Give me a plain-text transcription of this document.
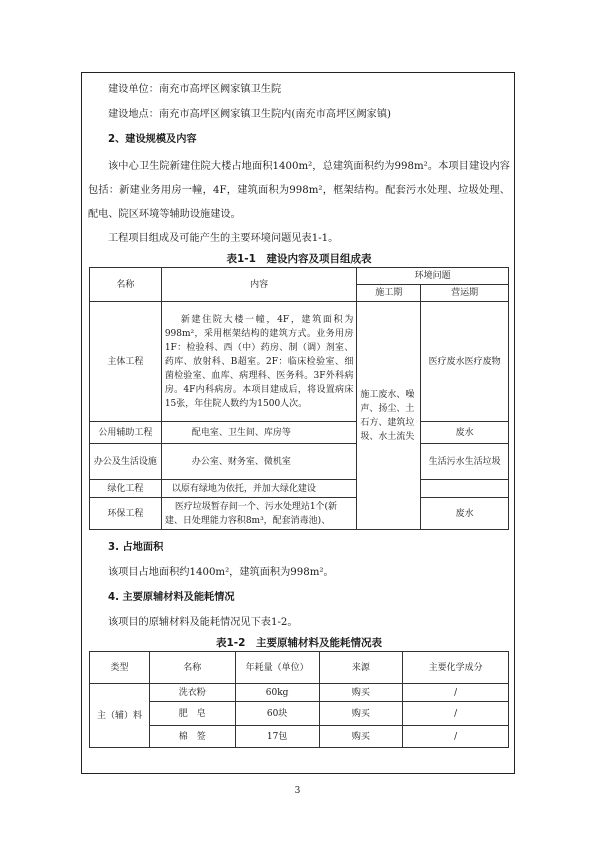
建设单位：南充市高坪区阙家镇卫生院

建设地点：南充市高坪区阙家镇卫生院内(南充市高坪区阙家镇)

2、建设规模及内容

该中心卫生院新建住院大楼占地面积1400m²，总建筑面积约为998m²。本项目建设内容包括：新建业务用房一幢，4F，建筑面积为998m²，框架结构。配套污水处理、垃圾处理、配电、院区环境等辅助设施建设。

工程项目组成及可能产生的主要环境问题见表1-1。

表1-1　建设内容及项目组成表
名称	内容	环境问题	
		施工期	营运期
主体工程	新建住院大楼一幢，4F，建筑面积为998m²，采用框架结构的建筑方式。业务用房1F：检验科、西（中）药房、制（调）剂室、药库、放射科、B超室。2F：临床检验室、细菌检验室、血库、病理科、医务科。3F外科病房。4F内科病房。本项目建成后，将设置病床15张，年住院人数约为1500人次。	施工废水、噪声、扬尘、土石方、建筑垃圾、水土流失	医疗废水医疗废物
公用辅助工程	配电室、卫生间、库房等		废水
办公及生活设施	办公室、财务室、微机室		生活污水生活垃圾
绿化工程	以原有绿地为依托，并加大绿化建设		
环保工程	医疗垃圾暂存间一个、污水处理站1个(新建、日处理能力容积8m³，配套消毒池)、		废水

3. 占地面积

该项目占地面积约1400m²，建筑面积为998m²。

4. 主要原辅材料及能耗情况

该项目的原辅材料及能耗情况见下表1-2。

表1-2　主要原辅材料及能耗情况表
类型	名称	年耗量（单位）	来源	主要化学成分
主（辅）料	洗衣粉	60kg	购买	/
	肥　皂	60块	购买	/
	棉　签	17包	购买	/
3
